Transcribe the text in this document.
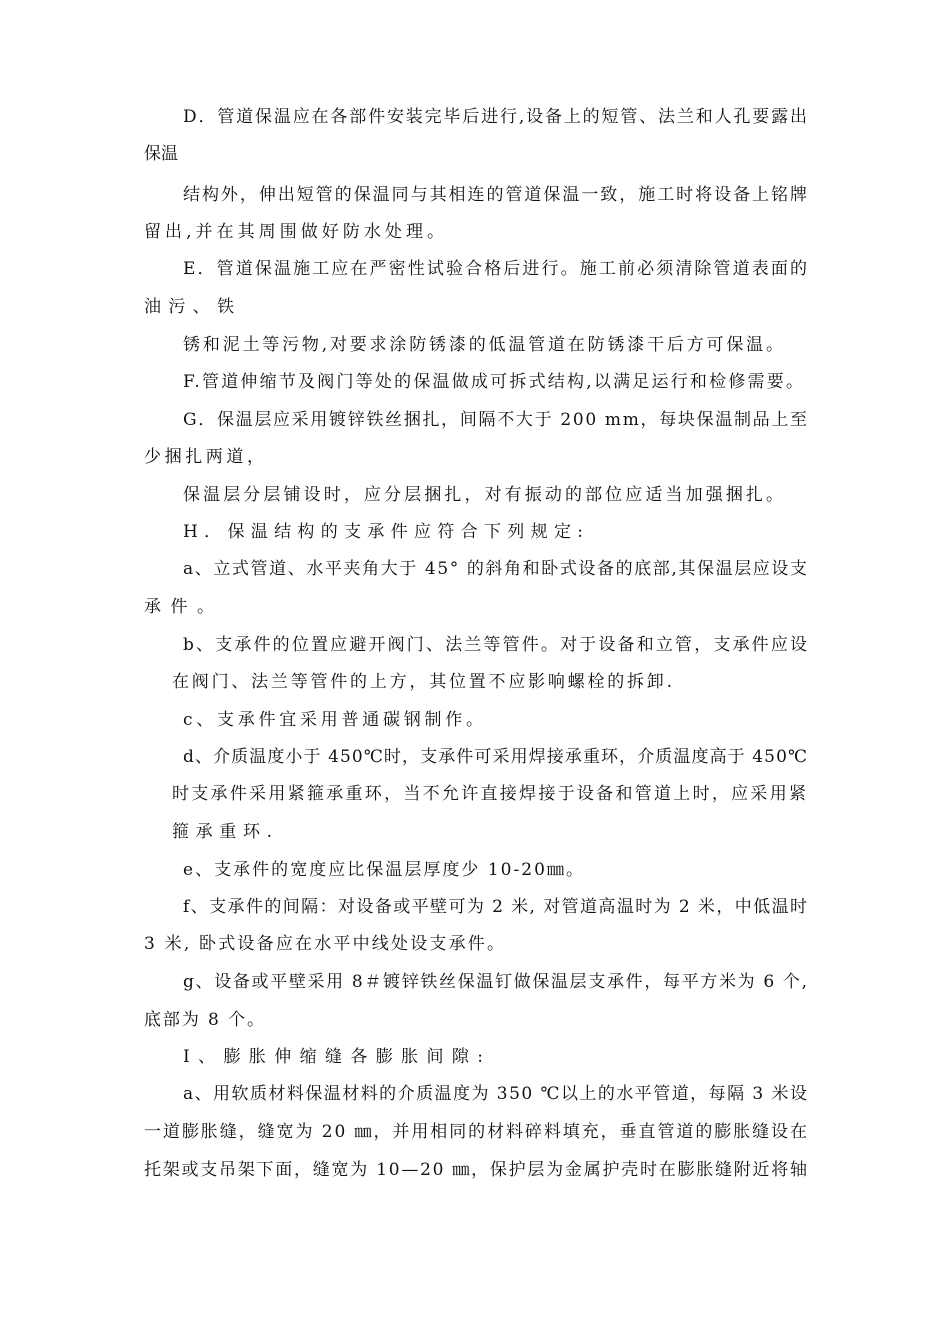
D．管道保温应在各部件安装完毕后进行,设备上的短管、法兰和人孔要露出
保温
结构外，伸出短管的保温同与其相连的管道保温一致，施工时将设备上铭牌
留出,并在其周围做好防水处理。
E．管道保温施工应在严密性试验合格后进行。施工前必须清除管道表面的
油污、铁
锈和泥土等污物,对要求涂防锈漆的低温管道在防锈漆干后方可保温。
F.管道伸缩节及阀门等处的保温做成可拆式结构,以满足运行和检修需要。
G．保温层应采用镀锌铁丝捆扎，间隔不大于 200 mm，每块保温制品上至
少捆扎两道，
保温层分层铺设时，应分层捆扎，对有振动的部位应适当加强捆扎。
H．保温结构的支承件应符合下列规定:
a、立式管道、水平夹角大于 45° 的斜角和卧式设备的底部,其保温层应设支
承件。
b、支承件的位置应避开阀门、法兰等管件。对于设备和立管，支承件应设
在阀门、法兰等管件的上方，其位置不应影响螺栓的拆卸.
c、支承件宜采用普通碳钢制作。
d、介质温度小于 450℃时，支承件可采用焊接承重环，介质温度高于 450℃
时支承件采用紧箍承重环，当不允许直接焊接于设备和管道上时，应采用紧
箍承重环.
e、支承件的宽度应比保温层厚度少 10-20㎜。
f、支承件的间隔：对设备或平壁可为 2 米, 对管道高温时为 2 米，中低温时
3 米, 卧式设备应在水平中线处设支承件。
g、设备或平壁采用 8＃镀锌铁丝保温钉做保温层支承件，每平方米为 6 个,
底部为 8 个。
I、膨胀伸缩缝各膨胀间隙:
a、用软质材料保温材料的介质温度为 350 ℃以上的水平管道，每隔 3 米设
一道膨胀缝，缝宽为 20 ㎜，并用相同的材料碎料填充，垂直管道的膨胀缝设在
托架或支吊架下面，缝宽为 10—20 ㎜，保护层为金属护壳时在膨胀缝附近将轴
